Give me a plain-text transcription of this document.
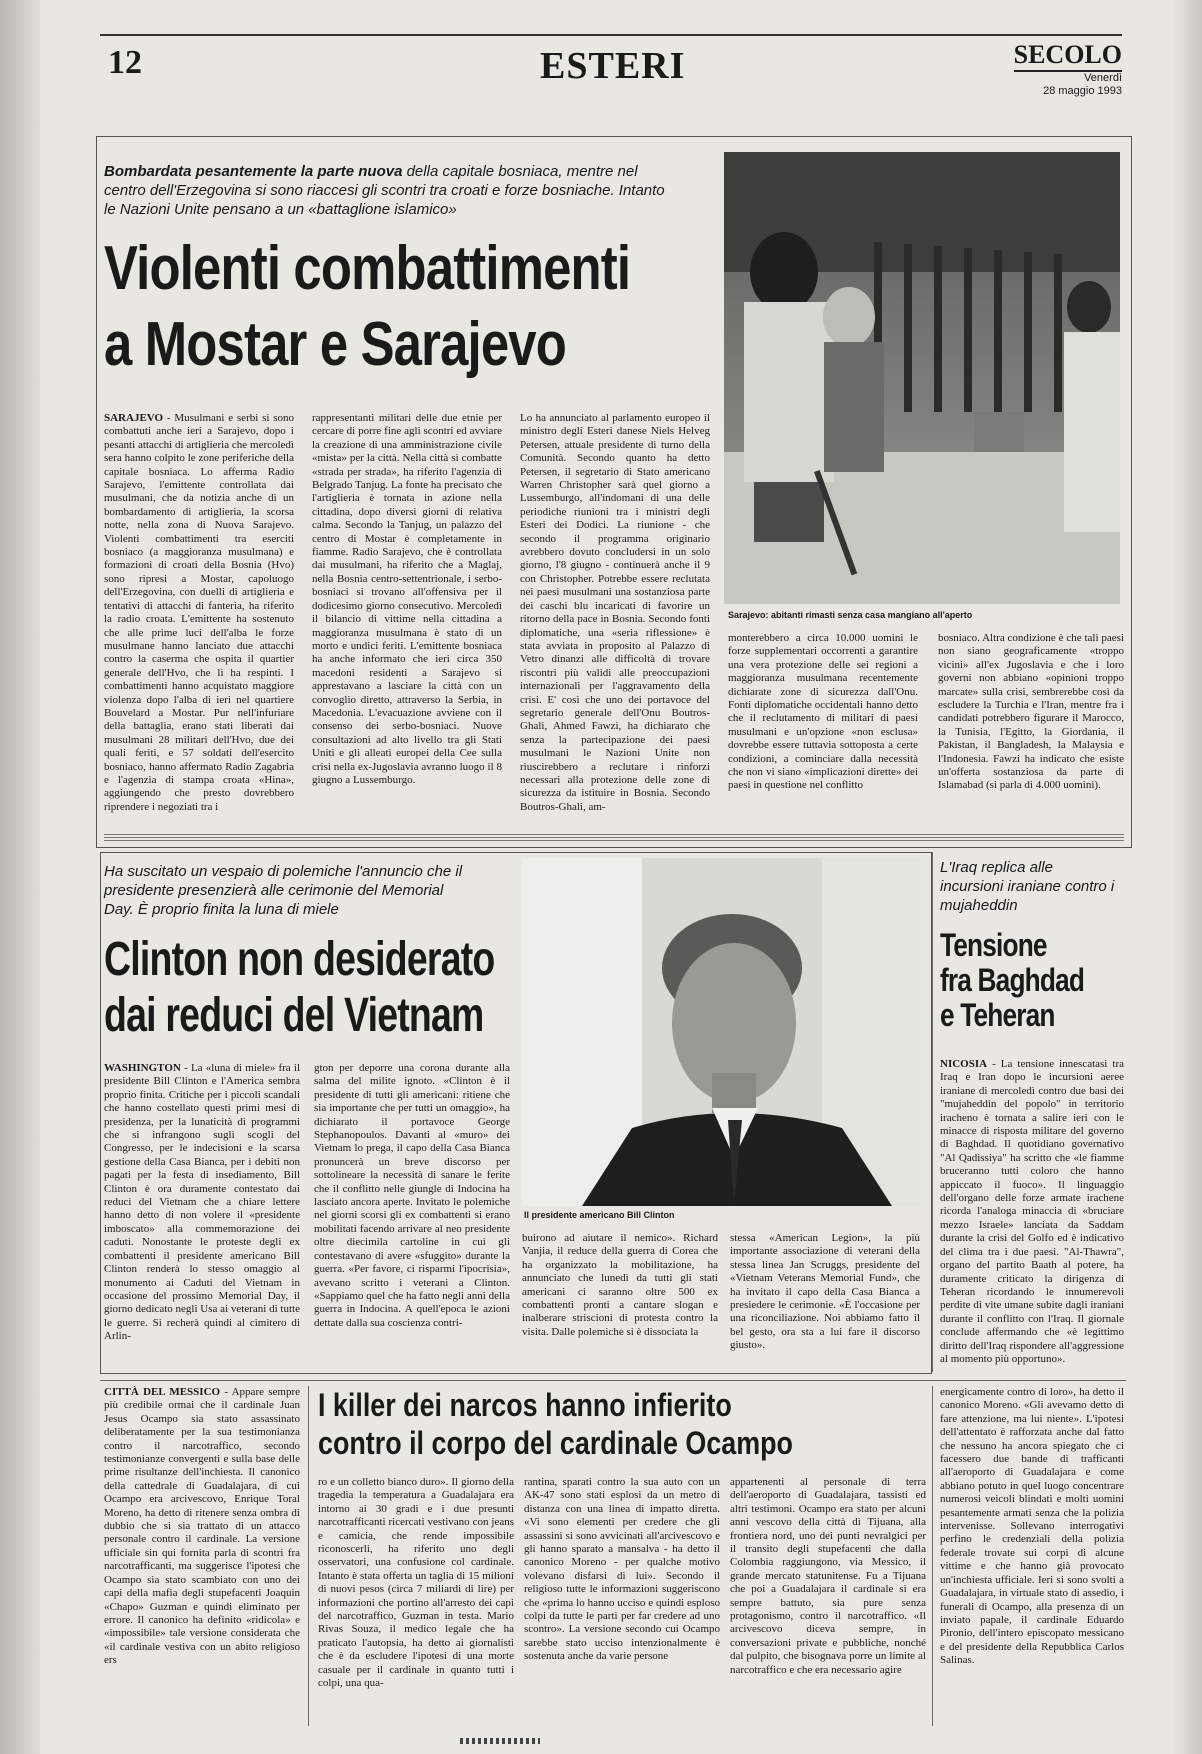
12	ESTERI	SECOLO
Venerdì
28 maggio 1993
Bombardata pesantemente la parte nuova della capitale bosniaca, mentre nel centro dell'Erzegovina si sono riaccesi gli scontri tra croati e forze bosniache. Intanto le Nazioni Unite pensano a un «battaglione islamico»
Violenti combattimenti
a Mostar e Sarajevo
Sarajevo: abitanti rimasti senza casa mangiano all'aperto
SARAJEVO - Musulmani e serbi si sono combattuti anche ieri a Sarajevo, dopo i pesanti attacchi di artiglieria che mercoledì sera hanno colpito le zone periferiche della capitale bosniaca. Lo afferma Radio Sarajevo, l'emittente controllata dai musulmani, che da notizia anche di un bombardamento di artiglieria, la scorsa notte, nella zona di Nuova Sarajevo. Violenti combattimenti tra eserciti bosniaco (a maggioranza musulmana) e formazioni di croati della Bosnia (Hvo) sono ripresi a Mostar, capoluogo dell'Erzegovina, con duelli di artiglieria e tentativi di attacchi di fanteria, ha riferito la radio croata. L'emittente ha sostenuto che alle prime luci dell'alba le forze musulmane hanno lanciato due attacchi contro la caserma che ospita il quartier generale dell'Hvo, che li ha respinti. I combattimenti hanno acquistato maggiore violenza dopo l'alba di ieri nel quartiere Bouvelard a Mostar. Pur nell'infuriare della battaglia, erano stati liberati dai musulmani 28 militari dell'Hvo, due dei quali feriti, e 57 soldati dell'esercito bosniaco, hanno affermato Radio Zagabria e l'agenzia di stampa croata «Hina», aggiungendo che presto dovrebbero riprendere i negoziati tra i
rappresentanti militari delle due etnie per cercare di porre fine agli scontri ed avviare la creazione di una amministrazione civile «mista» per la città. Nella città si combatte «strada per strada», ha riferito l'agenzia di Belgrado Tanjug. La fonte ha precisato che l'artiglieria è tornata in azione nella cittadina, dopo diversi giorni di relativa calma. Secondo la Tanjug, un palazzo del centro di Mostar è completamente in fiamme. Radio Sarajevo, che è controllata dai musulmani, ha riferito che a Maglaj, nella Bosnia centro-settentrionale, i serbo-bosniaci si trovano all'offensiva per il dodicesimo giorno consecutivo. Mercoledì il bilancio di vittime nella cittadina a maggioranza musulmana è stato di un morto e undici feriti. L'emittente bosniaca ha anche informato che ieri circa 350 macedoni residenti a Sarajevo si apprestavano a lasciare la città con un convoglio diretto, attraverso la Serbia, in Macedonia. L'evacuazione avviene con il consenso dei serbo-bosniaci. Nuove consultazioni ad alto livello tra gli Stati Uniti e gli alleati europei della Cee sulla crisi nella ex-Jugoslavia avranno luogo il 8 giugno a Lussemburgo.
Lo ha annunciato al parlamento europeo il ministro degli Esteri danese Niels Helveg Petersen, attuale presidente di turno della Comunità. Secondo quanto ha detto Petersen, il segretario di Stato americano Warren Christopher sarà quel giorno a Lussemburgo, all'indomani di una delle periodiche riunioni tra i ministri degli Esteri dei Dodici. La riunione - che secondo il programma originario avrebbero dovuto concludersi in un solo giorno, l'8 giugno - continuerà anche il 9 con Christopher. Potrebbe essere reclutata nei paesi musulmani una sostanziosa parte dei caschi blu incaricati di favorire un ritorno della pace in Bosnia. Secondo fonti diplomatiche, una «seria riflessione» è stata avviata in proposito al Palazzo di Vetro dinanzi alle difficoltà di trovare riscontri più validi alle preoccupazioni internazionali per l'aggravamento della crisi. E' così che uno dei portavoce del segretario generale dell'Onu Boutros-Ghali, Ahmed Fawzi, ha dichiarato che senza la partecipazione dei paesi musulmani le Nazioni Unite non riuscirebbero a reclutare i rinforzi necessari alla protezione delle zone di sicurezza da istituire in Bosnia. Secondo Boutros-Ghali, am-
monterebbero a circa 10.000 uomini le forze supplementari occorrenti a garantire una vera protezione delle sei regioni a maggioranza musulmana recentemente dichiarate zone di sicurezza dall'Onu. Fonti diplomatiche occidentali hanno detto che il reclutamento di militari di paesi musulmani e un'opzione «non esclusa» dovrebbe essere tuttavia sottoposta a certe condizioni, a cominciare dalla necessità che non vi siano «implicazioni dirette» dei paesi in questione nel conflitto
bosniaco. Altra condizione è che tali paesi non siano geograficamente «troppo vicini» all'ex Jugoslavia e che i loro governi non abbiano «opinioni troppo marcate» sulla crisi, sembrerebbe così da escludere la Turchia e l'Iran, mentre fra i candidati potrebbero figurare il Marocco, la Tunisia, l'Egitto, la Giordania, il Pakistan, il Bangladesh, la Malaysia e l'Indonesia. Fawzi ha indicato che esiste un'offerta sostanziosa da parte di Islamabad (si parla di 4.000 uomini).
Ha suscitato un vespaio di polemiche l'annuncio che il presidente presenzierà alle cerimonie del Memorial Day. È proprio finita la luna di miele
Clinton non desiderato
dai reduci del Vietnam
Il presidente americano Bill Clinton
WASHINGTON - La «luna di miele» fra il presidente Bill Clinton e l'America sembra proprio finita. Critiche per i piccoli scandali che hanno costellato questi primi mesi di presidenza, per la lunaticità di programmi che si infrangono sugli scogli del Congresso, per le indecisioni e la scarsa gestione della Casa Bianca, per i debiti non pagati per la festa di insediamento, Bill Clinton è ora duramente contestato dai reduci del Vietnam che a chiare lettere hanno detto di non volere il «presidente imboscato» alla commemorazione dei caduti. Nonostante le proteste degli ex combattenti il presidente americano Bill Clinton renderà lo stesso omaggio al monumento ai Caduti del Vietnam in occasione del prossimo Memorial Day, il giorno dedicato negli Usa ai veterani di tutte le guerre. Si recherà quindi al cimitero di Arlin-
gton per deporre una corona durante alla salma del milite ignoto. «Clinton è il presidente di tutti gli americani: ritiene che sia importante che per tutti un omaggio», ha dichiarato il portavoce George Stephanopoulos. Davanti al «muro» dei Vietnam lo prega, il capo della Casa Bianca pronuncerà un breve discorso per sottolineare la necessità di sanare le ferite che il conflitto nelle giungle di Indocina ha lasciato ancora aperte. Invitato le polemiche nel giorni scorsi gli ex combattenti si erano mobilitati facendo arrivare al neo presidente oltre diecimila cartoline in cui gli contestavano di avere «sfuggito» durante la guerra. «Per favore, ci risparmi l'ipocrisia», avevano scritto i veterani a Clinton. «Sappiamo quel che ha fatto negli anni della guerra in Indocina. A quell'epoca le azioni dettate dalla sua coscienza contri-
buirono ad aiutare il nemico». Richard Vanjia, il reduce della guerra di Corea che ha organizzato la mobilitazione, ha annunciato che lunedì da tutti gli stati americani ci saranno oltre 500 ex combattenti pronti a cantare slogan e inalberare striscioni di protesta contro la visita. Dalle polemiche si è dissociata la
stessa «American Legion», la più importante associazione di veterani della stessa linea Jan Scruggs, presidente del «Vietnam Veterans Memorial Fund», che ha invitato il capo della Casa Bianca a presiedere le cerimonie. «È l'occasione per una riconciliazione. Noi abbiamo fatto il bel gesto, ora sta a lui fare il discorso giusto».
L'Iraq replica alle incursioni iraniane contro i mujaheddin
Tensione
fra Baghdad
e Teheran
NICOSIA - La tensione innescatasi tra Iraq e Iran dopo le incursioni aeree iraniane di mercoledì contro due basi dei "mujaheddin del popolo" in territorio iracheno è tornata a salire ieri con le minacce di risposta militare del governo di Baghdad. Il quotidiano governativo "Al Qadissiya" ha scritto che «le fiamme bruceranno tutti coloro che hanno appiccato il fuoco». Il linguaggio dell'organo delle forze armate irachene ricorda l'analoga minaccia di «bruciare mezzo Israele» lanciata da Saddam durante la crisi del Golfo ed è indicativo del clima tra i due paesi. "Al-Thawra", organo del partito Baath al potere, ha duramente criticato la dirigenza di Teheran ricordando le innumerevoli perdite di vite umane subite dagli iraniani durante il conflitto con l'Iraq. Il giornale conclude affermando che «è legittimo diritto dell'Iraq rispondere all'aggressione al momento più opportuno».
CITTÀ DEL MESSICO - Appare sempre più credibile ormai che il cardinale Juan Jesus Ocampo sia stato assassinato deliberatamente per la sua testimonianza contro il narcotraffico, secondo testimonianze convergenti e sulla base delle prime risultanze dell'inchiesta. Il canonico della cattedrale di Guadalajara, di cui Ocampo era arcivescovo, Enrique Toral Moreno, ha detto di ritenere senza ombra di dubbio che si sia trattato di un attacco personale contro il cardinale. La versione ufficiale sin qui fornita parla di scontri fra narcotrafficanti, ma suggerisce l'ipotesi che Ocampo sia stato scambiato con uno dei capi della mafia degli stupefacenti Joaquin «Chapo» Guzman e quindi eliminato per errore. Il canonico ha definito «ridicola» e «impossibile» tale versione considerata che «il cardinale vestiva con un abito religioso ers
I killer dei narcos hanno infierito
contro il corpo del cardinale Ocampo
ro e un colletto bianco duro». Il giorno della tragedia la temperatura a Guadalajara era intorno ai 30 gradi e i due presunti narcotrafficanti ricercati vestivano con jeans e camicia, che rende impossibile riconoscerli, ha riferito uno degli osservatori, una confusione col cardinale. Intanto è stata offerta un taglia di 15 milioni di nuovi pesos (circa 7 miliardi di lire) per informazioni che portino all'arresto dei capi del narcotraffico, Guzman in testa. Mario Rivas Souza, il medico legale che ha praticato l'autopsia, ha detto ai giornalisti che è da escludere l'ipotesi di una morte casuale per il cardinale in quanto tutti i colpi, una qua-
rantina, sparati contro la sua auto con un AK-47 sono stati esplosi da un metro di distanza con una linea di impatto diretta. «Vi sono elementi per credere che gli assassini si sono avvicinati all'arcivescovo e gli hanno sparato a mansalva - ha detto il canonico Moreno - per qualche motivo volevano disfarsi di lui». Secondo il religioso tutte le informazioni suggeriscono che «prima lo hanno ucciso e quindi esploso colpi da tutte le parti per far credere ad uno scontro». La versione secondo cui Ocampo sarebbe stato ucciso intenzionalmente è sostenuta anche da varie persone
appartenenti al personale di terra dell'aeroporto di Guadalajara, tassisti ed altri testimoni. Ocampo era stato per alcuni anni vescovo della città di Tijuana, alla frontiera nord, uno dei punti nevralgici per il transito degli stupefacenti che dalla Colombia raggiungono, via Messico, il grande mercato statunitense. Fu a Tijuana che poi a Guadalajara il cardinale si era sempre battuto, sia pure senza protagonismo, contro il narcotraffico. «Il arcivescovo diceva sempre, in conversazioni private e pubbliche, nonché dal pulpito, che bisognava porre un limite al narcotraffico e che era necessario agire
energicamente contro di loro», ha detto il canonico Moreno. «Gli avevamo detto di fare attenzione, ma lui niente». L'ipotesi dell'attentato è rafforzata anche dal fatto che nessuno ha ancora spiegato che ci facessero due bande di trafficanti all'aeroporto di Guadalajara e come abbiano potuto in quel luogo concentrare numerosi veicoli blindati e molti uomini pesantemente armati senza che la polizia intervenisse. Sollevano interrogativi perfino le credenziali della polizia federale trovate sui corpi di alcune vittime e che hanno già provocato un'inchiesta ufficiale. Ieri si sono svolti a Guadalajara, in virtuale stato di assedio, i funerali di Ocampo, alla presenza di un inviato papale, il cardinale Eduardo Pironio, dell'intero episcopato messicano e del presidente della Repubblica Carlos Salinas.
